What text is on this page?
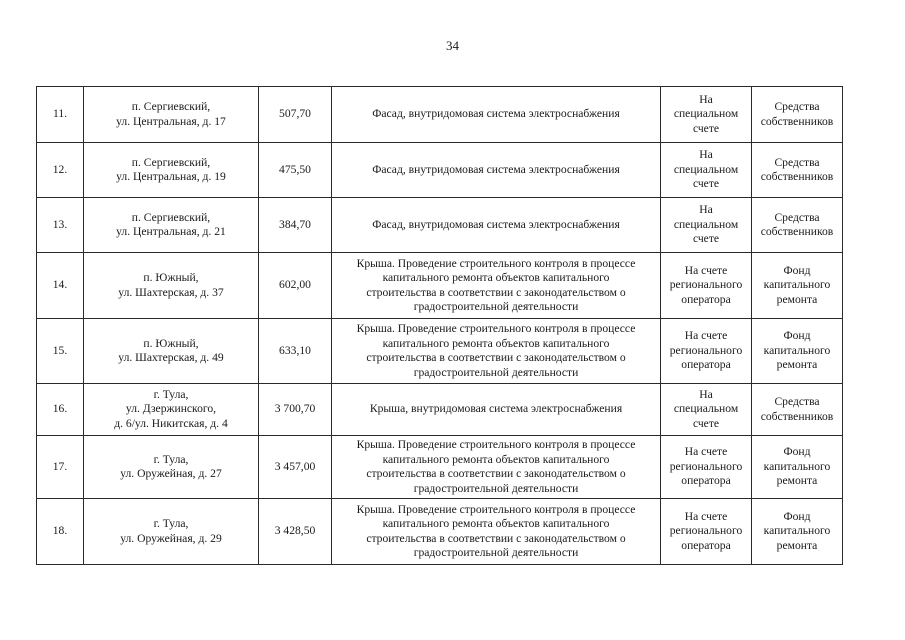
34
11.	п. Сергиевский,
ул. Центральная, д. 17	507,70	Фасад, внутридомовая система электроснабжения	На
специальном
счете	Средства
собственников

12.	п. Сергиевский,
ул. Центральная, д. 19	475,50	Фасад, внутридомовая система электроснабжения	На
специальном
счете	Средства
собственников

13.	п. Сергиевский,
ул. Центральная, д. 21	384,70	Фасад, внутридомовая система электроснабжения	На
специальном
счете	Средства
собственников

14.	п. Южный,
ул. Шахтерская, д. 37	602,00	Крыша. Проведение строительного контроля в процессе
капитального ремонта объектов капитального
строительства в соответствии с законодательством о
градостроительной деятельности	На счете
регионального
оператора	Фонд
капитального
ремонта

15.	п. Южный,
ул. Шахтерская, д. 49	633,10	Крыша. Проведение строительного контроля в процессе
капитального ремонта объектов капитального
строительства в соответствии с законодательством о
градостроительной деятельности	На счете
регионального
оператора	Фонд
капитального
ремонта

16.	г. Тула,
ул. Дзержинского,
д. 6/ул. Никитская, д. 4	3 700,70	Крыша, внутридомовая система электроснабжения	На
специальном
счете	Средства
собственников

17.	г. Тула,
ул. Оружейная, д. 27	3 457,00	Крыша. Проведение строительного контроля в процессе
капитального ремонта объектов капитального
строительства в соответствии с законодательством о
градостроительной деятельности	На счете
регионального
оператора	Фонд
капитального
ремонта

18.	г. Тула,
ул. Оружейная, д. 29	3 428,50	Крыша. Проведение строительного контроля в процессе
капитального ремонта объектов капитального
строительства в соответствии с законодательством о
градостроительной деятельности	На счете
регионального
оператора	Фонд
капитального
ремонта
